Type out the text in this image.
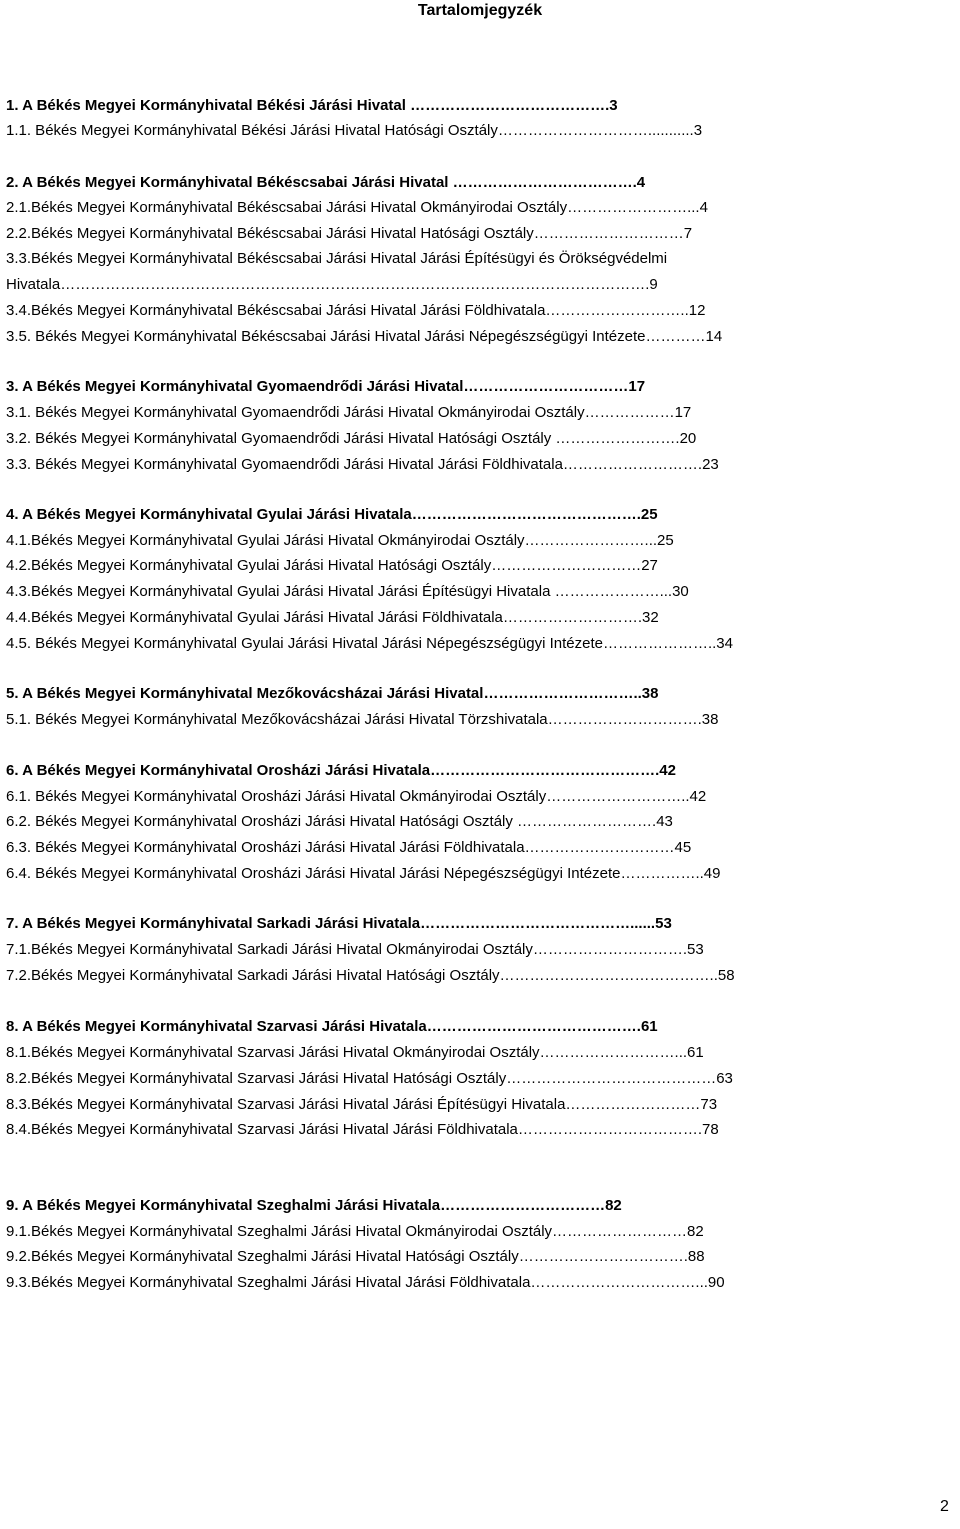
Tartalomjegyzék
1. A Békés Megyei Kormányhivatal Békési Járási Hivatal ………………………………….3
1.1. Békés Megyei Kormányhivatal Békési Járási Hivatal Hatósági Osztály…………………………...........3
2. A Békés Megyei Kormányhivatal Békéscsabai Járási Hivatal ……………………………….4
2.1.Békés Megyei Kormányhivatal Békéscsabai Járási Hivatal Okmányirodai Osztály……………………...4
2.2.Békés Megyei Kormányhivatal Békéscsabai Járási Hivatal Hatósági Osztály…………………………7
3.3.Békés Megyei Kormányhivatal Békéscsabai Járási Hivatal Járási Építésügyi és Örökségvédelmi
Hivatala……………………………………………………………………………………………………….9
3.4.Békés Megyei Kormányhivatal Békéscsabai Járási Hivatal Járási Földhivatala………………………..12
3.5. Békés Megyei Kormányhivatal Békéscsabai Járási Hivatal Járási Népegészségügyi Intézete…………14
3. A Békés Megyei Kormányhivatal Gyomaendrődi Járási Hivatal……………………………17
3.1. Békés Megyei Kormányhivatal Gyomaendrődi Járási Hivatal Okmányirodai Osztály………………17
3.2. Békés Megyei Kormányhivatal Gyomaendrődi Járási Hivatal Hatósági Osztály …………………….20
3.3. Békés Megyei Kormányhivatal Gyomaendrődi Járási Hivatal Járási Földhivatala……………………….23
4. A Békés Megyei Kormányhivatal Gyulai Járási Hivatala……………………………………….25
4.1.Békés Megyei Kormányhivatal Gyulai Járási Hivatal Okmányirodai Osztály……………………...25
4.2.Békés Megyei Kormányhivatal Gyulai Járási Hivatal Hatósági Osztály…………………………27
4.3.Békés Megyei Kormányhivatal Gyulai Járási Hivatal Járási Építésügyi Hivatala …………………...30
4.4.Békés Megyei Kormányhivatal Gyulai Járási Hivatal Járási Földhivatala……………………….32
4.5. Békés Megyei Kormányhivatal Gyulai Járási Hivatal Járási Népegészségügyi Intézete…………………..34
5. A Békés Megyei Kormányhivatal Mezőkovácsházai Járási Hivatal…………………………..38
5.1. Békés Megyei Kormányhivatal Mezőkovácsházai Járási Hivatal Törzshivatala………………………….38
6. A Békés Megyei Kormányhivatal Orosházi Járási Hivatala……………………………………….42
6.1. Békés Megyei Kormányhivatal Orosházi Járási Hivatal Okmányirodai Osztály………………………..42
6.2. Békés Megyei Kormányhivatal Orosházi Járási Hivatal Hatósági Osztály ……………………….43
6.3. Békés Megyei Kormányhivatal Orosházi Járási Hivatal Járási Földhivatala…………………………45
6.4. Békés Megyei Kormányhivatal Orosházi Járási Hivatal Járási Népegészségügyi Intézete……………..49
7. A Békés Megyei Kormányhivatal Sarkadi Járási Hivatala……………………………………......53
7.1.Békés Megyei Kormányhivatal Sarkadi Járási Hivatal Okmányirodai Osztály………………………….53
7.2.Békés Megyei Kormányhivatal Sarkadi Járási Hivatal Hatósági Osztály……………………………………..58
8. A Békés Megyei Kormányhivatal Szarvasi Járási Hivatala…………………………………….61
8.1.Békés Megyei Kormányhivatal Szarvasi Járási Hivatal Okmányirodai Osztály………………………...61
8.2.Békés Megyei Kormányhivatal Szarvasi Járási Hivatal Hatósági Osztály……………………………………63
8.3.Békés Megyei Kormányhivatal Szarvasi Járási Hivatal Járási Építésügyi Hivatala………………………73
8.4.Békés Megyei Kormányhivatal Szarvasi Járási Hivatal Járási Földhivatala……………………………….78
9. A Békés Megyei Kormányhivatal Szeghalmi Járási Hivatala……………………………82
9.1.Békés Megyei Kormányhivatal Szeghalmi Járási Hivatal Okmányirodai Osztály………………………82
9.2.Békés Megyei Kormányhivatal Szeghalmi Járási Hivatal Hatósági Osztály…………………………….88
9.3.Békés Megyei Kormányhivatal Szeghalmi Járási Hivatal Járási Földhivatala……………………………...90
2
